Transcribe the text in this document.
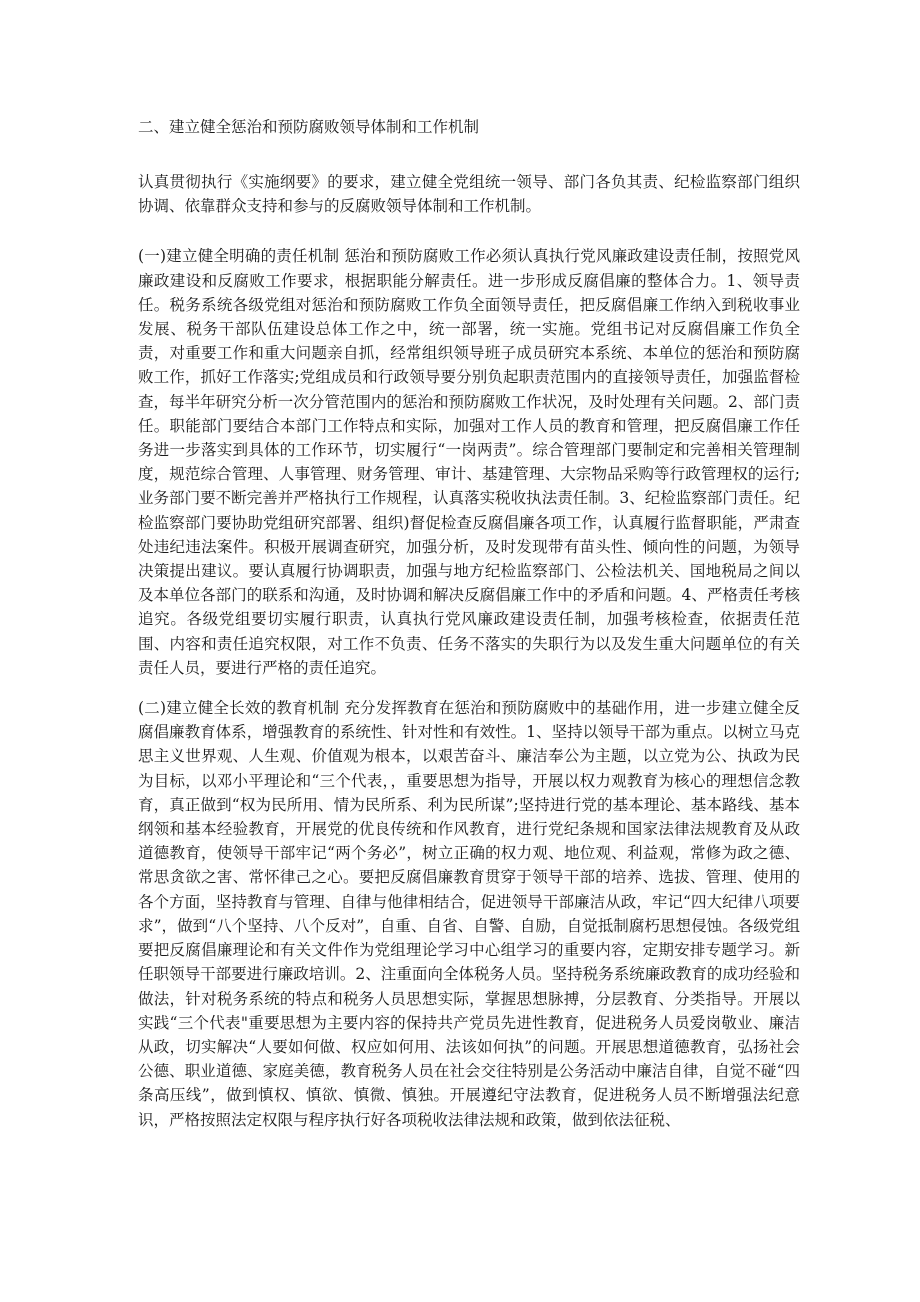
二、建立健全惩治和预防腐败领导体制和工作机制

认真贯彻执行《实施纲要》的要求，建立健全党组统一领导、部门各负其责、纪检监察部门组织协调、依靠群众支持和参与的反腐败领导体制和工作机制。

(一)建立健全明确的责任机制 惩治和预防腐败工作必须认真执行党风廉政建设责任制，按照党风廉政建设和反腐败工作要求，根据职能分解责任。进一步形成反腐倡廉的整体合力。1、领导责任。税务系统各级党组对惩治和预防腐败工作负全面领导责任，把反腐倡廉工作纳入到税收事业发展、税务干部队伍建设总体工作之中，统一部署，统一实施。党组书记对反腐倡廉工作负全责，对重要工作和重大问题亲自抓，经常组织领导班子成员研究本系统、本单位的惩治和预防腐败工作，抓好工作落实;党组成员和行政领导要分别负起职责范围内的直接领导责任，加强监督检查，每半年研究分析一次分管范围内的惩治和预防腐败工作状况，及时处理有关问题。2、部门责任。职能部门要结合本部门工作特点和实际，加强对工作人员的教育和管理，把反腐倡廉工作任务进一步落实到具体的工作环节，切实履行“一岗两责”。综合管理部门要制定和完善相关管理制度，规范综合管理、人事管理、财务管理、审计、基建管理、大宗物品采购等行政管理权的运行;业务部门要不断完善并严格执行工作规程，认真落实税收执法责任制。3、纪检监察部门责任。纪检监察部门要协助党组研究部署、组织)督促检查反腐倡廉各项工作，认真履行监督职能，严肃查处违纪违法案件。积极开展调查研究，加强分析，及时发现带有苗头性、倾向性的问题，为领导决策提出建议。要认真履行协调职责，加强与地方纪检监察部门、公检法机关、国地税局之间以及本单位各部门的联系和沟通，及时协调和解决反腐倡廉工作中的矛盾和问题。4、严格责任考核追究。各级党组要切实履行职责，认真执行党风廉政建设责任制，加强考核检查，依据责任范围、内容和责任追究权限，对工作不负责、任务不落实的失职行为以及发生重大问题单位的有关责任人员，要进行严格的责任追究。

(二)建立健全长效的教育机制 充分发挥教育在惩治和预防腐败中的基础作用，进一步建立健全反腐倡廉教育体系，增强教育的系统性、针对性和有效性。1、坚持以领导干部为重点。以树立马克思主义世界观、人生观、价值观为根本，以艰苦奋斗、廉洁奉公为主题，以立党为公、执政为民为目标，以邓小平理论和“三个代表，，重要思想为指导，开展以权力观教育为核心的理想信念教育，真正做到“权为民所用、情为民所系、利为民所谋”;坚持进行党的基本理论、基本路线、基本纲领和基本经验教育，开展党的优良传统和作风教育，进行党纪条规和国家法律法规教育及从政道德教育，使领导干部牢记“两个务必”，树立正确的权力观、地位观、利益观，常修为政之德、常思贪欲之害、常怀律己之心。要把反腐倡廉教育贯穿于领导干部的培养、选拔、管理、使用的各个方面，坚持教育与管理、自律与他律相结合，促进领导干部廉洁从政，牢记“四大纪律八项要求”，做到“八个坚持、八个反对”，自重、自省、自警、自励，自觉抵制腐朽思想侵蚀。各级党组要把反腐倡廉理论和有关文件作为党组理论学习中心组学习的重要内容，定期安排专题学习。新任职领导干部要进行廉政培训。2、注重面向全体税务人员。坚持税务系统廉政教育的成功经验和做法，针对税务系统的特点和税务人员思想实际，掌握思想脉搏，分层教育、分类指导。开展以实践“三个代表"重要思想为主要内容的保持共产党员先进性教育，促进税务人员爱岗敬业、廉洁从政，切实解决“人要如何做、权应如何用、法该如何执”的问题。开展思想道德教育，弘扬社会公德、职业道德、家庭美德，教育税务人员在社会交往特别是公务活动中廉洁自律，自觉不碰“四条高压线”，做到慎权、慎欲、慎微、慎独。开展遵纪守法教育，促进税务人员不断增强法纪意识，严格按照法定权限与程序执行好各项税收法律法规和政策，做到依法征税、
